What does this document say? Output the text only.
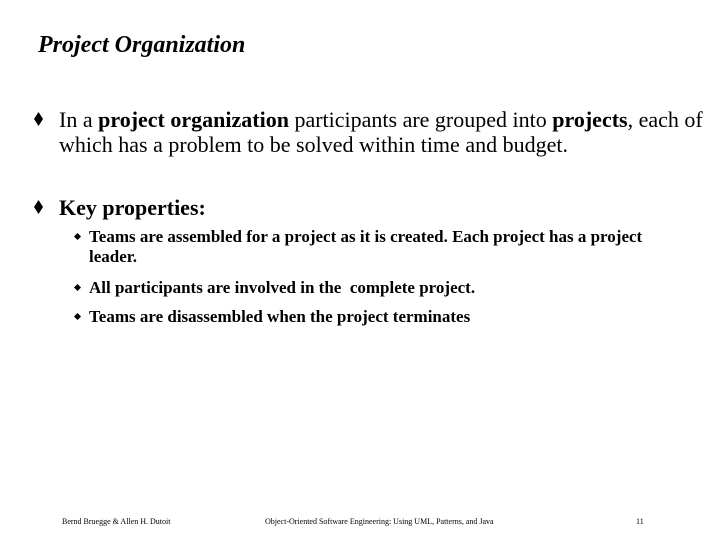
Project Organization
In a project organization participants are grouped into projects, each of which has a problem to be solved within time and budget.
Key properties:
Teams are assembled for a project as it is created. Each project has a project leader.
All participants are involved in the  complete project.
Teams are disassembled when the project terminates
Bernd Bruegge & Allen H. Dutoit	Object-Oriented Software Engineering: Using UML, Patterns, and Java	11
